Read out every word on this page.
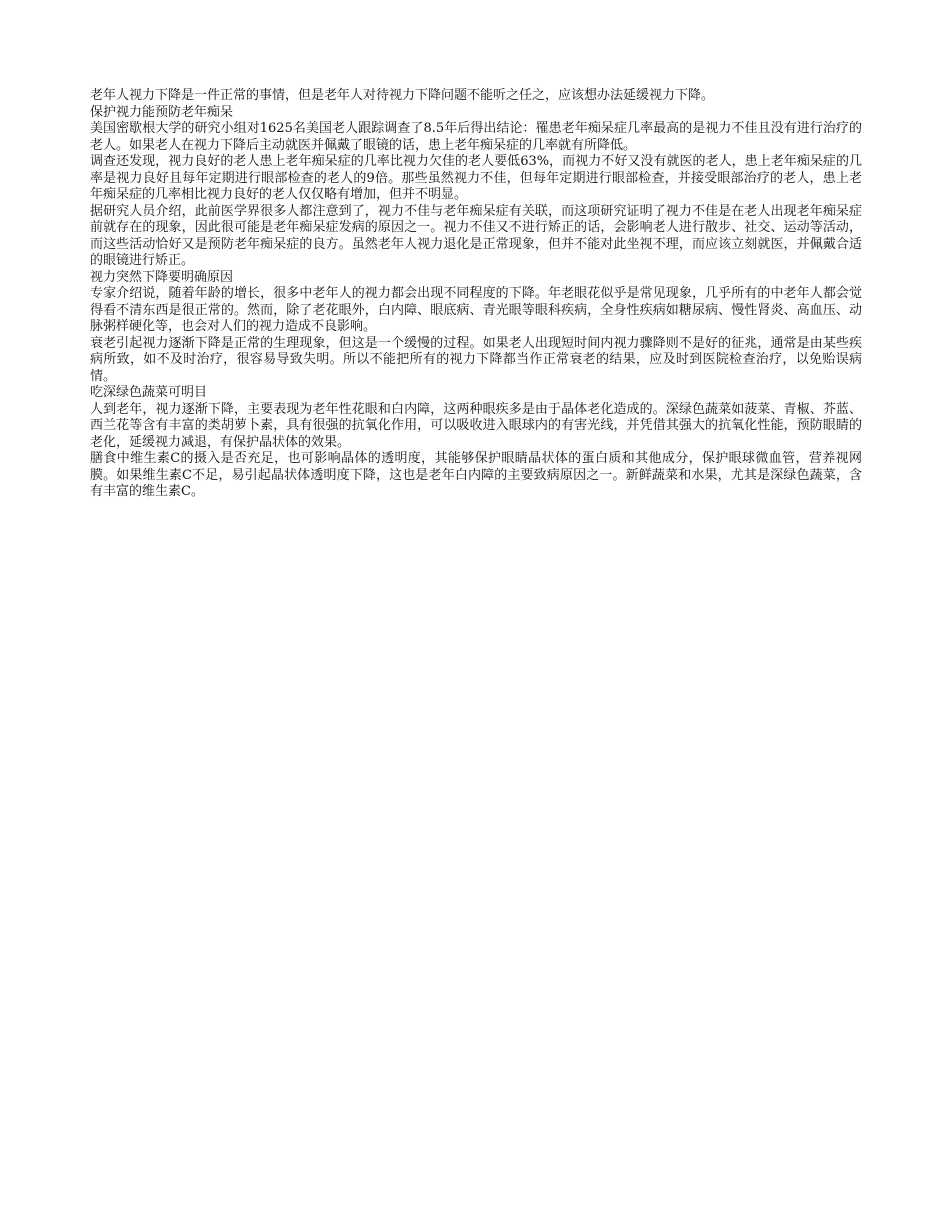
老年人视力下降是一件正常的事情，但是老年人对待视力下降问题不能听之任之，应该想办法延缓视力下降。

保护视力能预防老年痴呆

美国密歇根大学的研究小组对1625名美国老人跟踪调查了8.5年后得出结论：罹患老年痴呆症几率最高的是视力不佳且没有进行治疗的老人。如果老人在视力下降后主动就医并佩戴了眼镜的话，患上老年痴呆症的几率就有所降低。

调查还发现，视力良好的老人患上老年痴呆症的几率比视力欠佳的老人要低63%，而视力不好又没有就医的老人，患上老年痴呆症的几率是视力良好且每年定期进行眼部检查的老人的9倍。那些虽然视力不佳，但每年定期进行眼部检查，并接受眼部治疗的老人，患上老年痴呆症的几率相比视力良好的老人仅仅略有增加，但并不明显。

据研究人员介绍，此前医学界很多人都注意到了，视力不佳与老年痴呆症有关联，而这项研究证明了视力不佳是在老人出现老年痴呆症前就存在的现象，因此很可能是老年痴呆症发病的原因之一。视力不佳又不进行矫正的话，会影响老人进行散步、社交、运动等活动，而这些活动恰好又是预防老年痴呆症的良方。虽然老年人视力退化是正常现象，但并不能对此坐视不理，而应该立刻就医，并佩戴合适的眼镜进行矫正。

视力突然下降要明确原因

专家介绍说，随着年龄的增长，很多中老年人的视力都会出现不同程度的下降。年老眼花似乎是常见现象，几乎所有的中老年人都会觉得看不清东西是很正常的。然而，除了老花眼外，白内障、眼底病、青光眼等眼科疾病，全身性疾病如糖尿病、慢性肾炎、高血压、动脉粥样硬化等，也会对人们的视力造成不良影响。

衰老引起视力逐渐下降是正常的生理现象，但这是一个缓慢的过程。如果老人出现短时间内视力骤降则不是好的征兆，通常是由某些疾病所致，如不及时治疗，很容易导致失明。所以不能把所有的视力下降都当作正常衰老的结果，应及时到医院检查治疗，以免贻误病情。

吃深绿色蔬菜可明目

人到老年，视力逐渐下降，主要表现为老年性花眼和白内障，这两种眼疾多是由于晶体老化造成的。深绿色蔬菜如菠菜、青椒、芥蓝、西兰花等含有丰富的类胡萝卜素，具有很强的抗氧化作用，可以吸收进入眼球内的有害光线，并凭借其强大的抗氧化性能，预防眼睛的老化，延缓视力减退，有保护晶状体的效果。

膳食中维生素C的摄入是否充足，也可影响晶体的透明度，其能够保护眼睛晶状体的蛋白质和其他成分，保护眼球微血管，营养视网膜。如果维生素C不足，易引起晶状体透明度下降，这也是老年白内障的主要致病原因之一。新鲜蔬菜和水果，尤其是深绿色蔬菜，含有丰富的维生素C。
